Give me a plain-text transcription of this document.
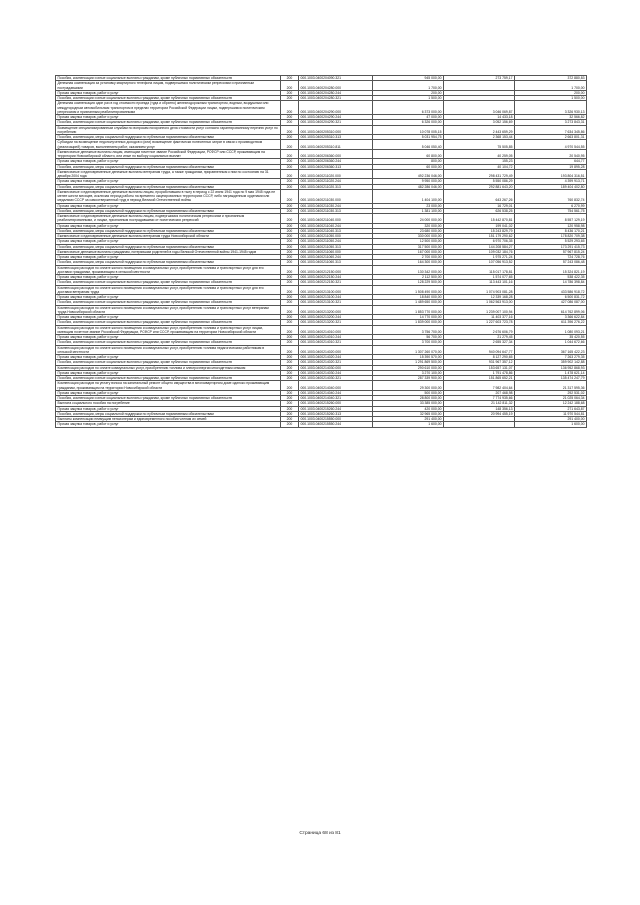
Пособия, компенсации и иные социальные выплаты гражданам, кроме публичных нормативных обязательств	200	000.1003.0400204090.321	945 000,00	273 759,17	372 880,83
Денежная компенсация за установку квартирного телефона лицам, подвергшимся политическим репрессиям и признанным пострадавшими	200	000.1003.0400204280.000	1 700,00		1 700,00
Прочая закупка товаров, работ и услуг	200	000.1003.0400204280.244	200,00		200,00
Пособия, компенсации и иные социальные выплаты гражданам, кроме публичных нормативных обязательств	200	000.1003.0400204280.321	1 500,00		1 500,00
Денежная компенсация один раз в год стоимости проезда (туда и обратно) железнодорожным транспортом, водным, воздушным или междугородным автомобильным транспортом в пределах территории Российской Федерации лицам, подвергшимся политическим репрессиям и признанным реабилитированными	200	000.1003.0400204290.000	6 373 000,00	3 046 069,87	3 326 930,13
Прочая закупка товаров, работ и услуг	200	000.1003.0400204290.244	47 000,00	14 433,18	32 566,82
Пособия, компенсации и иные социальные выплаты гражданам, кроме публичных нормативных обязательств	200	000.1003.0400204290.321	6 326 000,00	3 052 156,69	3 273 843,31
Возмещение специализированным службам по вопросам похоронного дела стоимости услуг согласно гарантированному перечню услуг по погребению	200	000.1003.0400205310.000	10 078 005,15	2 443 659,29	7 634 345,86
Пособия, компенсации, меры социальной поддержки по публичным нормативным обязательствам	200	000.1003.0400205310.313	5 031 954,75	2 368 153,44	2 663 801,31
Субсидии на возмещение недополученных доходов и (или) возмещение фактически понесенных затрат в связи с производством (реализацией) товаров, выполнением работ, оказанием услуг	200	000.1003.0400205310.811	5 046 050,40	75 505,85	4 970 544,55
Ежемесячные денежные выплаты лицам, имеющим почетное звание Российской Федерации, РСФСР или СССР, проживающим на территории Новосибирской области, или иные по выбору социальных выплат	200	000.1003.0400206360.000	60 800,00	40 259,05	20 540,95
Прочая закупка товаров, работ и услуг	200	000.1003.0400206360.244	800,00	155,23	644,77
Пособия, компенсации, меры социальной поддержки по публичным нормативным обязательствам	200	000.1003.0400206360.313	60 000,00	40 104,72	19 895,28
Ежемесячные и единовременные денежные выплаты ветеранам труда, а также гражданам, приравненным к ним по состоянию на 31 декабря 2004 года	200	000.1003.0400211020.000	492 236 046,00	298 431 729,49	193 804 316,51
Прочая закупка товаров, работ и услуг	200	000.1003.0400211020.244	9 950 000,00	5 550 086,29	4 399 913,71
Пособия, компенсации, меры социальной поддержки по публичным нормативным обязательствам	200	000.1003.0400211020.313	482 286 046,00	292 881 643,20	189 404 402,80
Ежемесячные и единовременные денежные выплаты лицам, проработавшим в тылу в период с 22 июня 1941 года по 9 мая 1945 года не менее шести месяцев, исключая период работы на временно оккупированных территориях СССР, либо награжденным орденами или медалями СССР за самоотверженный труд в период Великой Отечественной войны	200	000.1003.0400211030.000	1 404 100,00	643 267,26	760 832,74
Прочая закупка товаров, работ и услуг	200	000.1003.0400211030.244	23 000,00	16 729,01	6 270,99
Пособия, компенсации, меры социальной поддержки по публичным нормативным обязательствам	200	000.1003.0400211030.313	1 381 100,00	626 538,25	754 561,75
Ежемесячные и единовременные денежные выплаты лицам, подвергшимся политическим репрессиям и признанным реабилитированными, и лицам, признанным пострадавшими от политических репрессий	200	000.1003.0400211040.000	24 000 000,00	15 442 870,81	8 557 129,19
Прочая закупка товаров, работ и услуг	200	000.1003.0400211040.244	320 000,00	199 041,02	120 958,98
Пособия, компенсации, меры социальной поддержки по публичным нормативным обязательствам	200	000.1003.0400211040.313	23 680 000,00	15 243 829,79	8 436 170,21
Ежемесячные и единовременные денежные выплаты ветеранам труда Новосибирской области	200	000.1003.0400211050.000	330 000 000,00	151 179 290,62	178 820 709,38
Прочая закупка товаров, работ и услуг	200	000.1003.0400211050.244	12 500 000,00	6 970 706,35	5 529 293,65
Пособия, компенсации, меры социальной поддержки по публичным нормативным обязательствам	200	000.1003.0400211050.313	317 500 000,00	144 208 584,27	173 291 415,73
Ежемесячные денежные выплаты гражданам, потерявшим родителей в годы Великой Отечественной войны 1941-1945 годов	200	000.1003.0400211060.000	167 000 000,00	109 032 184,76	57 967 815,24
Прочая закупка товаров, работ и услуг	200	000.1003.0400211060.244	2 700 000,00	1 975 271,24	724 728,76
Пособия, компенсации, меры социальной поддержки по публичным нормативным обязательствам	200	000.1003.0400211060.313	164 300 000,00	107 056 913,52	57 243 086,48
Компенсация расходов по оплате жилого помещения и коммунальных услуг, приобретению топлива и транспортных услуг для его доставки гражданам, проживающим в сельской местности	200	000.1003.0400212150.000	130 342 000,00	115 017 178,81	15 324 821,19
Прочая закупка товаров, работ и услуг	200	000.1003.0400212150.244	2 112 500,00	1 574 077,65	538 422,35
Пособия, компенсации и иные социальные выплаты гражданам, кроме публичных нормативных обязательств	200	000.1003.0400212150.321	128 229 500,00	113 443 101,16	14 786 398,84
Компенсация расходов по оплате жилого помещения и коммунальных услуг, приобретению топлива и транспортных услуг для его доставки ветеранам труда	200	000.1003.0400213100.000	1 508 490 000,00	1 074 903 081,28	433 586 918,72
Прочая закупка товаров, работ и услуг	200	000.1003.0400213100.244	18 840 000,00	12 339 168,28	6 500 831,72
Пособия, компенсации и иные социальные выплаты гражданам, кроме публичных нормативных обязательств	200	000.1003.0400213100.321	1 489 650 000,00	1 062 563 913,00	427 086 087,00
Компенсация расходов по оплате жилого помещения и коммунальных услуг, приобретению топлива и транспортных услуг ветеранам труда Новосибирской области	200	000.1003.0400213200.000	1 853 770 000,00	1 239 007 100,94	614 762 899,06
Прочая закупка товаров, работ и услуг	200	000.1003.0400213200.244	14 770 000,00	11 403 377,16	3 366 622,84
Пособия, компенсации и иные социальные выплаты гражданам, кроме публичных нормативных обязательств	200	000.1003.0400213200.321	1 839 000 000,00	1 227 603 723,78	611 396 276,22
Компенсация расходов по оплате жилого помещения и коммунальных услуг, приобретению топлива и транспортных услуг лицам, имеющим почетное звание Российской Федерации, РСФСР или СССР, проживающим на территории Новосибирской области	200	000.1003.0400214010.000	3 756 700,00	2 676 606,79	1 080 093,21
Прочая закупка товаров, работ и услуг	200	000.1003.0400214010.244	56 700,00	21 279,45	35 420,55
Пособия, компенсации и иные социальные выплаты гражданам, кроме публичных нормативных обязательств	200	000.1003.0400214010.321	3 700 000,00	2 655 327,34	1 044 672,66
Компенсация расходов по оплате жилого помещения и коммунальных услуг, приобретению топлива педагогическим работникам в сельской местности	200	000.1003.0400214020.000	1 307 260 070,00	940 094 647,77	367 165 422,23
Прочая закупка товаров, работ и услуг	200	000.1003.0400214020.244	15 390 570,00	8 127 290,65	7 263 279,35
Пособия, компенсации и иные социальные выплаты гражданам, кроме публичных нормативных обязательств	200	000.1003.0400214020.321	1 291 869 500,00	931 967 357,12	359 902 142,88
Компенсация расходов по оплате коммунальных услуг, приобретению топлива и электроэнергии многодетным семьям	200	000.1003.0400214030.000	290 610 000,00	153 657 131,07	136 952 868,93
Прочая закупка товаров, работ и услуг	200	000.1003.0400214030.244	3 270 100,00	1 791 478,86	1 478 621,14
Пособия, компенсации и иные социальные выплаты гражданам, кроме публичных нормативных обязательств	200	000.1003.0400214030.321	287 339 900,00	151 865 652,21	135 474 247,79
Компенсация расходов на уплату взноса на капитальный ремонт общего имущества в многоквартирном доме одиноко проживающим гражданам, проживающим на территории Новосибирской области	200	000.1003.0400214040.000	29 300 000,00	7 982 404,64	21 317 595,36
Прочая закупка товаров, работ и услуг	200	000.1003.0400214040.244	500 000,00	207 468,98	292 531,02
Пособия, компенсации и иные социальные выплаты гражданам, кроме публичных нормативных обязательств	200	000.1003.0400214040.321	28 800 000,00	7 774 935,66	21 025 064,34
Выплата социального пособия на погребение	200	000.1003.0400215260.000	33 385 000,00	21 142 811,32	12 242 188,68
Прочая закупка товаров, работ и услуг	200	000.1003.0400215260.244	420 000,00	148 356,13	271 643,87
Пособия, компенсации, меры социальной поддержки по публичным нормативным обязательствам	200	000.1003.0400215260.313	32 965 000,00	20 994 455,19	11 970 544,81
Выплаты компенсации неимущим пенсионерам и единовременного пособия членам их семей	200	000.1003.0400215550.000	291 400,00		291 400,00
Прочая закупка товаров, работ и услуг	200	000.1003.0400215550.244	1 600,00		1 600,00
Страница 68 из 81
